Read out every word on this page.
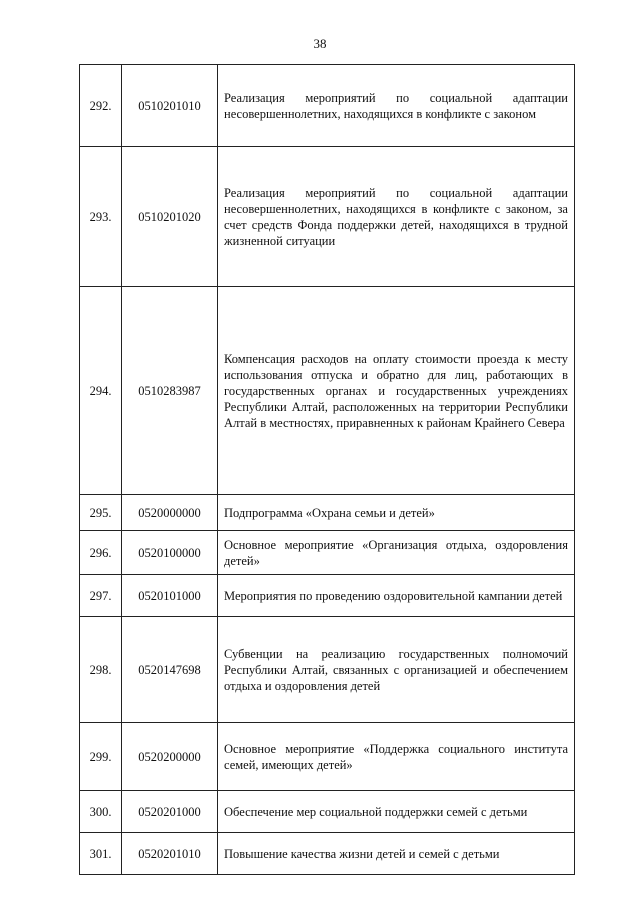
38
292.	0510201010	Реализация мероприятий по социальной адаптации несовершеннолетних, находящихся в конфликте с законом
293.	0510201020	Реализация мероприятий по социальной адаптации несовершеннолетних, находящихся в конфликте с законом, за счет средств Фонда поддержки детей, находящихся в трудной жизненной ситуации
294.	0510283987	Компенсация расходов на оплату стоимости проезда к месту использования отпуска и обратно для лиц, работающих в государственных органах и государственных учреждениях Республики Алтай, расположенных на территории Республики Алтай в местностях, приравненных к районам Крайнего Севера
295.	0520000000	Подпрограмма «Охрана семьи и детей»
296.	0520100000	Основное мероприятие «Организация отдыха, оздоровления детей»
297.	0520101000	Мероприятия по проведению оздоровительной кампании детей
298.	0520147698	Субвенции на реализацию государственных полномочий Республики Алтай, связанных с организацией и обеспечением отдыха и оздоровления детей
299.	0520200000	Основное мероприятие «Поддержка социального института семей, имеющих детей»
300.	0520201000	Обеспечение мер социальной поддержки семей с детьми
301.	0520201010	Повышение качества жизни детей и семей с детьми
